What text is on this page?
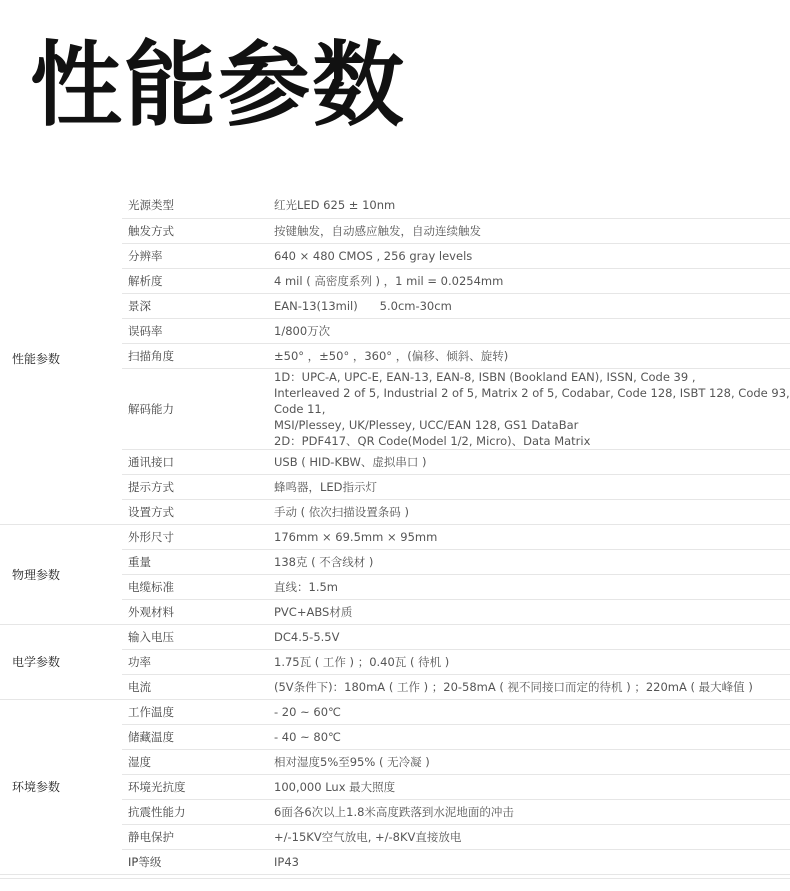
性能参数
性能参数	光源类型	红光LED 625 ± 10nm
	触发方式	按键触发，自动感应触发，自动连续触发
	分辨率	640 × 480 CMOS , 256 gray levels
	解析度	4 mil ( 高密度系列 ) ，1 mil = 0.0254mm
	景深	EAN-13(13mil)      5.0cm-30cm
	误码率	1/800万次
	扫描角度	±50° ，±50° ，360° ，(偏移、倾斜、旋转)
	解码能力	1D：UPC-A, UPC-E, EAN-13, EAN-8, ISBN (Bookland EAN), ISSN, Code 39 ,
Interleaved 2 of 5, Industrial 2 of 5, Matrix 2 of 5, Codabar, Code 128, ISBT 128, Code 93, Code 11,
MSI/Plessey, UK/Plessey, UCC/EAN 128, GS1 DataBar
2D：PDF417、QR Code(Model 1/2, Micro)、Data Matrix

	通讯接口	USB ( HID-KBW、虚拟串口 )
	提示方式	蜂鸣器，LED指示灯
	设置方式	手动 ( 依次扫描设置条码 )
物理参数	外形尺寸	176mm × 69.5mm × 95mm
	重量	138克 ( 不含线材 )
	电缆标准	直线：1.5m
	外观材料	PVC+ABS材质
电学参数	输入电压	DC4.5-5.5V
	功率	1.75瓦 ( 工作 ) ；0.40瓦 ( 待机 )
	电流	(5V条件下)：180mA ( 工作 ) ；20-58mA ( 视不同接口而定的待机 ) ；220mA ( 最大峰值 )
环境参数	工作温度	- 20 ~ 60℃
	储藏温度	- 40 ~ 80℃
	湿度	相对湿度5%至95% ( 无冷凝 )
	环境光抗度	100,000 Lux 最大照度
	抗震性能力	6面各6次以上1.8米高度跌落到水泥地面的冲击
	静电保护	+/-15KV空气放电, +/-8KV直接放电
	IP等级	IP43
